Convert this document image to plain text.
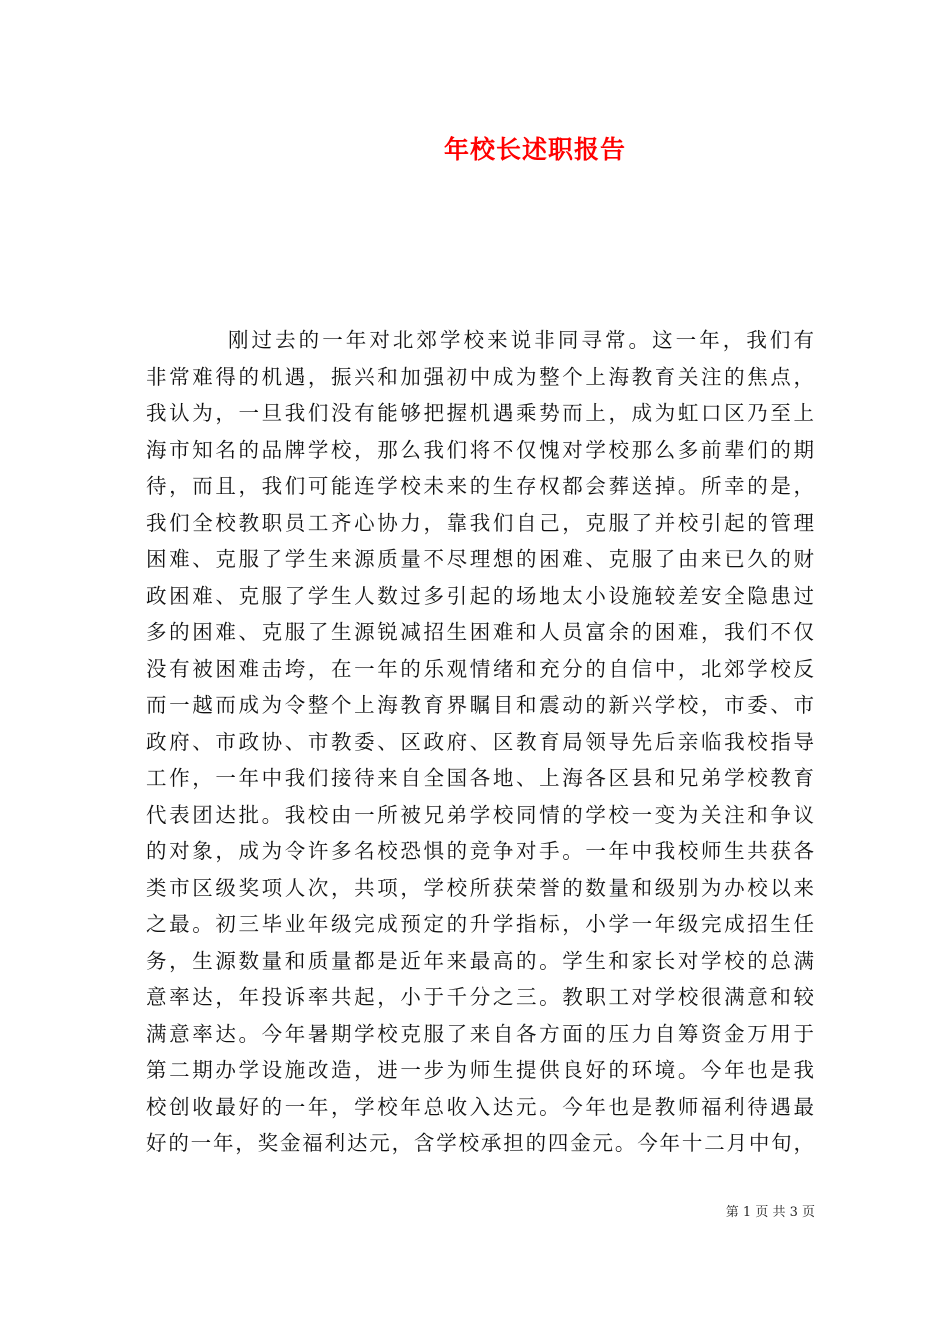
年校长述职报告
刚过去的一年对北郊学校来说非同寻常。这一年，我们有
非常难得的机遇，振兴和加强初中成为整个上海教育关注的焦点，
我认为，一旦我们没有能够把握机遇乘势而上，成为虹口区乃至上
海市知名的品牌学校，那么我们将不仅愧对学校那么多前辈们的期
待，而且，我们可能连学校未来的生存权都会葬送掉。所幸的是，
我们全校教职员工齐心协力，靠我们自己，克服了并校引起的管理
困难、克服了学生来源质量不尽理想的困难、克服了由来已久的财
政困难、克服了学生人数过多引起的场地太小设施较差安全隐患过
多的困难、克服了生源锐减招生困难和人员富余的困难，我们不仅
没有被困难击垮，在一年的乐观情绪和充分的自信中，北郊学校反
而一越而成为令整个上海教育界瞩目和震动的新兴学校，市委、市
政府、市政协、市教委、区政府、区教育局领导先后亲临我校指导
工作，一年中我们接待来自全国各地、上海各区县和兄弟学校教育
代表团达批。我校由一所被兄弟学校同情的学校一变为关注和争议
的对象，成为令许多名校恐惧的竞争对手。一年中我校师生共获各
类市区级奖项人次，共项，学校所获荣誉的数量和级别为办校以来
之最。初三毕业年级完成预定的升学指标，小学一年级完成招生任
务，生源数量和质量都是近年来最高的。学生和家长对学校的总满
意率达，年投诉率共起，小于千分之三。教职工对学校很满意和较
满意率达。今年暑期学校克服了来自各方面的压力自筹资金万用于
第二期办学设施改造，进一步为师生提供良好的环境。今年也是我
校创收最好的一年，学校年总收入达元。今年也是教师福利待遇最
好的一年，奖金福利达元，含学校承担的四金元。今年十二月中旬，
第 1 页 共 3 页
